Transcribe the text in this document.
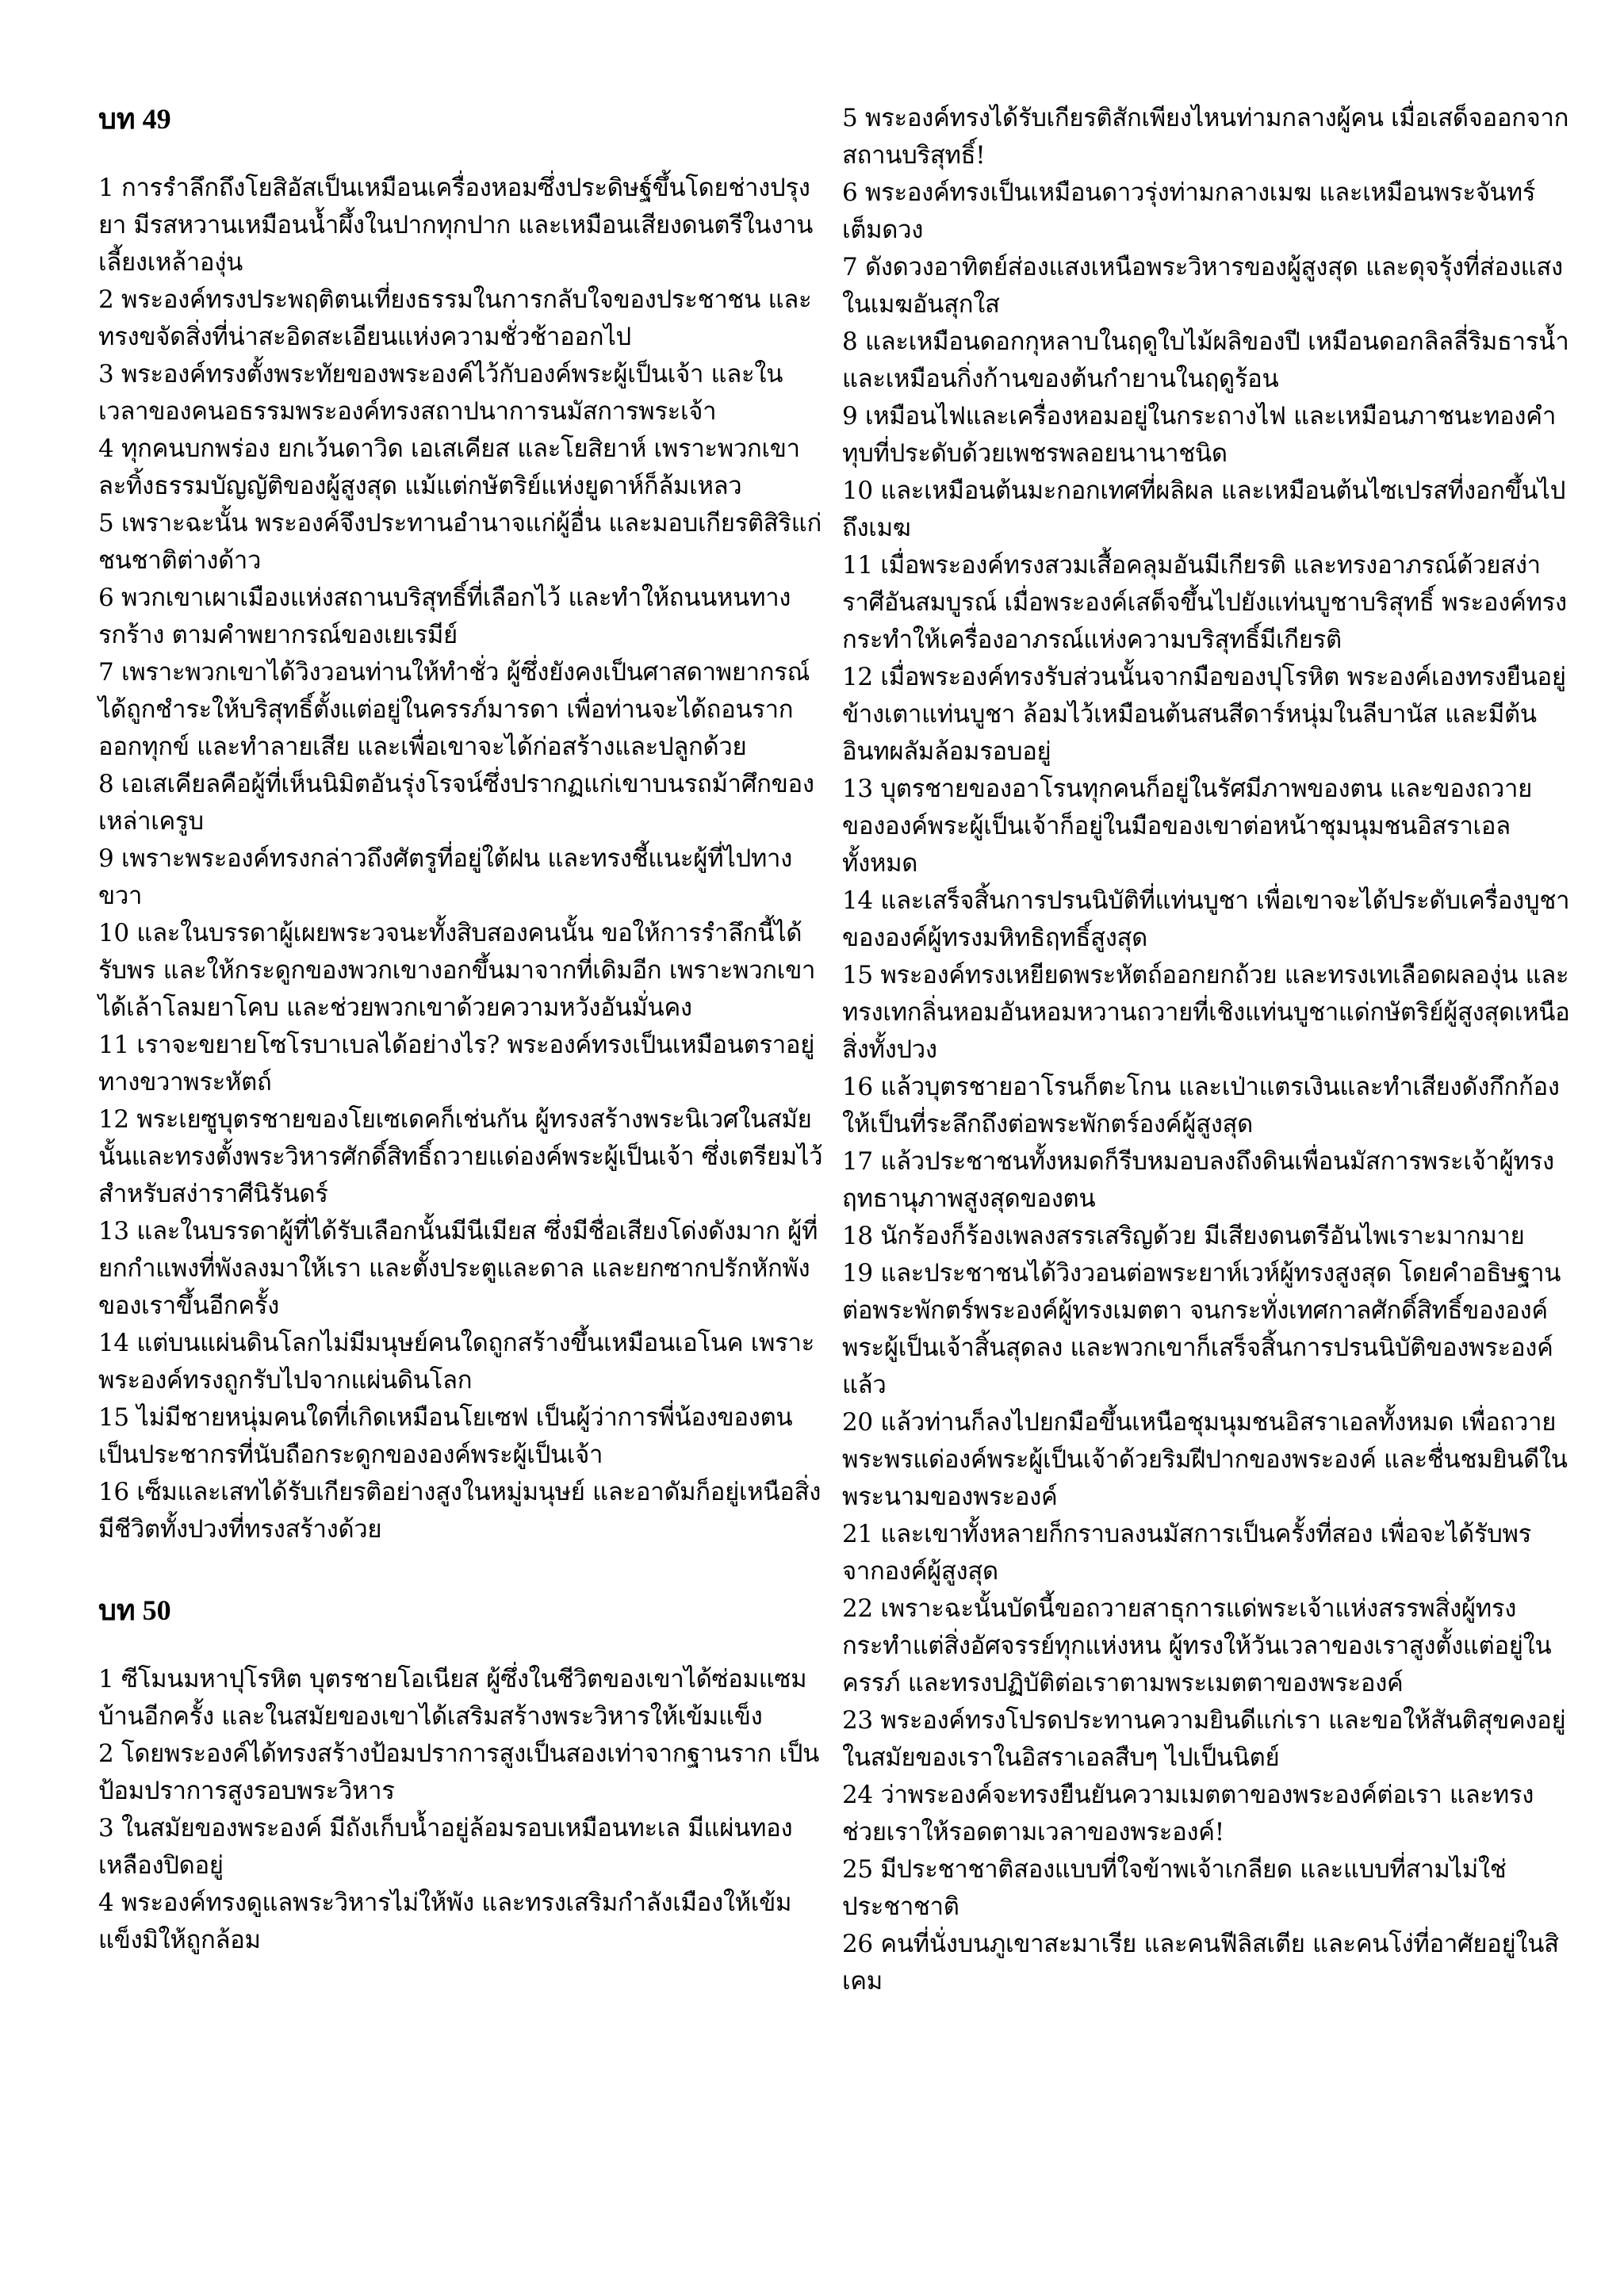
บท 49

1 การรำลึกถึงโยสิอัสเป็นเหมือนเครื่องหอมซึ่งประดิษฐ์ขึ้นโดยช่างปรุงยา มีรสหวานเหมือนน้ำผึ้งในปากทุกปาก และเหมือนเสียงดนตรีในงานเลี้ยงเหล้าองุ่น

2 พระองค์ทรงประพฤติตนเที่ยงธรรมในการกลับใจของประชาชน และทรงขจัดสิ่งที่น่าสะอิดสะเอียนแห่งความชั่วช้าออกไป

3 พระองค์ทรงตั้งพระทัยของพระองค์ไว้กับองค์พระผู้เป็นเจ้า และในเวลาของคนอธรรมพระองค์ทรงสถาปนาการนมัสการพระเจ้า

4 ทุกคนบกพร่อง ยกเว้นดาวิด เอเสเคียส และโยสิยาห์ เพราะพวกเขาละทิ้งธรรมบัญญัติของผู้สูงสุด แม้แต่กษัตริย์แห่งยูดาห์ก็ล้มเหลว

5 เพราะฉะนั้น พระองค์จึงประทานอำนาจแก่ผู้อื่น และมอบเกียรติสิริแก่ชนชาติต่างด้าว

6 พวกเขาเผาเมืองแห่งสถานบริสุทธิ์ที่เลือกไว้ และทำให้ถนนหนทางรกร้าง ตามคำพยากรณ์ของเยเรมีย์

7 เพราะพวกเขาได้วิงวอนท่านให้ทำชั่ว ผู้ซึ่งยังคงเป็นศาสดาพยากรณ์ ได้ถูกชำระให้บริสุทธิ์ตั้งแต่อยู่ในครรภ์มารดา เพื่อท่านจะได้ถอนราก ออกทุกข์ และทำลายเสีย และเพื่อเขาจะได้ก่อสร้างและปลูกด้วย

8 เอเสเคียลคือผู้ที่เห็นนิมิตอันรุ่งโรจน์ซึ่งปรากฏแก่เขาบนรถม้าศึกของเหล่าเครูบ

9 เพราะพระองค์ทรงกล่าวถึงศัตรูที่อยู่ใต้ฝน และทรงชี้แนะผู้ที่ไปทางขวา

10 และในบรรดาผู้เผยพระวจนะทั้งสิบสองคนนั้น ขอให้การรำลึกนี้ได้รับพร และให้กระดูกของพวกเขางอกขึ้นมาจากที่เดิมอีก เพราะพวกเขาได้เล้าโลมยาโคบ และช่วยพวกเขาด้วยความหวังอันมั่นคง

11 เราจะขยายโซโรบาเบลได้อย่างไร? พระองค์ทรงเป็นเหมือนตราอยู่ทางขวาพระหัตถ์

12 พระเยซูบุตรชายของโยเซเดคก็เช่นกัน ผู้ทรงสร้างพระนิเวศในสมัยนั้นและทรงตั้งพระวิหารศักดิ์สิทธิ์ถวายแด่องค์พระผู้เป็นเจ้า ซึ่งเตรียมไว้สำหรับสง่าราศีนิรันดร์

13 และในบรรดาผู้ที่ได้รับเลือกนั้นมีนีเมียส ซึ่งมีชื่อเสียงโด่งดังมาก ผู้ที่ยกกำแพงที่พังลงมาให้เรา และตั้งประตูและดาล และยกซากปรักหักพังของเราขึ้นอีกครั้ง

14 แต่บนแผ่นดินโลกไม่มีมนุษย์คนใดถูกสร้างขึ้นเหมือนเอโนค เพราะพระองค์ทรงถูกรับไปจากแผ่นดินโลก

15 ไม่มีชายหนุ่มคนใดที่เกิดเหมือนโยเซฟ เป็นผู้ว่าการพี่น้องของตน เป็นประชากรที่นับถือกระดูกขององค์พระผู้เป็นเจ้า

16 เซ็มและเสทได้รับเกียรติอย่างสูงในหมู่มนุษย์ และอาดัมก็อยู่เหนือสิ่งมีชีวิตทั้งปวงที่ทรงสร้างด้วย

บท 50

1 ซีโมนมหาปุโรหิต บุตรชายโอเนียส ผู้ซึ่งในชีวิตของเขาได้ซ่อมแซมบ้านอีกครั้ง และในสมัยของเขาได้เสริมสร้างพระวิหารให้เข้มแข็ง

2 โดยพระองค์ได้ทรงสร้างป้อมปราการสูงเป็นสองเท่าจากฐานราก เป็นป้อมปราการสูงรอบพระวิหาร

3 ในสมัยของพระองค์ มีถังเก็บน้ำอยู่ล้อมรอบเหมือนทะเล มีแผ่นทองเหลืองปิดอยู่

4 พระองค์ทรงดูแลพระวิหารไม่ให้พัง และทรงเสริมกำลังเมืองให้เข้มแข็งมิให้ถูกล้อม

5 พระองค์ทรงได้รับเกียรติสักเพียงไหนท่ามกลางผู้คน เมื่อเสด็จออกจากสถานบริสุทธิ์!

6 พระองค์ทรงเป็นเหมือนดาวรุ่งท่ามกลางเมฆ และเหมือนพระจันทร์เต็มดวง

7 ดังดวงอาทิตย์ส่องแสงเหนือพระวิหารของผู้สูงสุด และดุจรุ้งที่ส่องแสงในเมฆอันสุกใส

8 และเหมือนดอกกุหลาบในฤดูใบไม้ผลิของปี เหมือนดอกลิลลี่ริมธารน้ำ และเหมือนกิ่งก้านของต้นกำยานในฤดูร้อน

9 เหมือนไฟและเครื่องหอมอยู่ในกระถางไฟ และเหมือนภาชนะทองคำทุบที่ประดับด้วยเพชรพลอยนานาชนิด

10 และเหมือนต้นมะกอกเทศที่ผลิผล และเหมือนต้นไซเปรสที่งอกขึ้นไปถึงเมฆ

11 เมื่อพระองค์ทรงสวมเสื้อคลุมอันมีเกียรติ และทรงอาภรณ์ด้วยสง่าราศีอันสมบูรณ์ เมื่อพระองค์เสด็จขึ้นไปยังแท่นบูชาบริสุทธิ์ พระองค์ทรงกระทำให้เครื่องอาภรณ์แห่งความบริสุทธิ์มีเกียรติ

12 เมื่อพระองค์ทรงรับส่วนนั้นจากมือของปุโรหิต พระองค์เองทรงยืนอยู่ข้างเตาแท่นบูชา ล้อมไว้เหมือนต้นสนสีดาร์หนุ่มในลีบานัส และมีต้นอินทผลัมล้อมรอบอยู่

13 บุตรชายของอาโรนทุกคนก็อยู่ในรัศมีภาพของตน และของถวายขององค์พระผู้เป็นเจ้าก็อยู่ในมือของเขาต่อหน้าชุมนุมชนอิสราเอลทั้งหมด

14 และเสร็จสิ้นการปรนนิบัติที่แท่นบูชา เพื่อเขาจะได้ประดับเครื่องบูชาขององค์ผู้ทรงมหิทธิฤทธิ์สูงสุด

15 พระองค์ทรงเหยียดพระหัตถ์ออกยกถ้วย และทรงเทเลือดผลองุ่น และทรงเทกลิ่นหอมอันหอมหวานถวายที่เชิงแท่นบูชาแด่กษัตริย์ผู้สูงสุดเหนือสิ่งทั้งปวง

16 แล้วบุตรชายอาโรนก็ตะโกน และเป่าแตรเงินและทำเสียงดังกึกก้องให้เป็นที่ระลึกถึงต่อพระพักตร์องค์ผู้สูงสุด

17 แล้วประชาชนทั้งหมดก็รีบหมอบลงถึงดินเพื่อนมัสการพระเจ้าผู้ทรงฤทธานุภาพสูงสุดของตน

18 นักร้องก็ร้องเพลงสรรเสริญด้วย มีเสียงดนตรีอันไพเราะมากมาย

19 และประชาชนได้วิงวอนต่อพระยาห์เวห์ผู้ทรงสูงสุด โดยคำอธิษฐานต่อพระพักตร์พระองค์ผู้ทรงเมตตา จนกระทั่งเทศกาลศักดิ์สิทธิ์ขององค์พระผู้เป็นเจ้าสิ้นสุดลง และพวกเขาก็เสร็จสิ้นการปรนนิบัติของพระองค์แล้ว

20 แล้วท่านก็ลงไปยกมือขึ้นเหนือชุมนุมชนอิสราเอลทั้งหมด เพื่อถวายพระพรแด่องค์พระผู้เป็นเจ้าด้วยริมฝีปากของพระองค์ และชื่นชมยินดีในพระนามของพระองค์

21 และเขาทั้งหลายก็กราบลงนมัสการเป็นครั้งที่สอง เพื่อจะได้รับพรจากองค์ผู้สูงสุด

22 เพราะฉะนั้นบัดนี้ขอถวายสาธุการแด่พระเจ้าแห่งสรรพสิ่งผู้ทรงกระทำแต่สิ่งอัศจรรย์ทุกแห่งหน ผู้ทรงให้วันเวลาของเราสูงตั้งแต่อยู่ในครรภ์ และทรงปฏิบัติต่อเราตามพระเมตตาของพระองค์

23 พระองค์ทรงโปรดประทานความยินดีแก่เรา และขอให้สันติสุขคงอยู่ในสมัยของเราในอิสราเอลสืบๆ ไปเป็นนิตย์

24 ว่าพระองค์จะทรงยืนยันความเมตตาของพระองค์ต่อเรา และทรงช่วยเราให้รอดตามเวลาของพระองค์!

25 มีประชาชาติสองแบบที่ใจข้าพเจ้าเกลียด และแบบที่สามไม่ใช่ประชาชาติ

26 คนที่นั่งบนภูเขาสะมาเรีย และคนฟีลิสเตีย และคนโง่ที่อาศัยอยู่ในสิเคม
